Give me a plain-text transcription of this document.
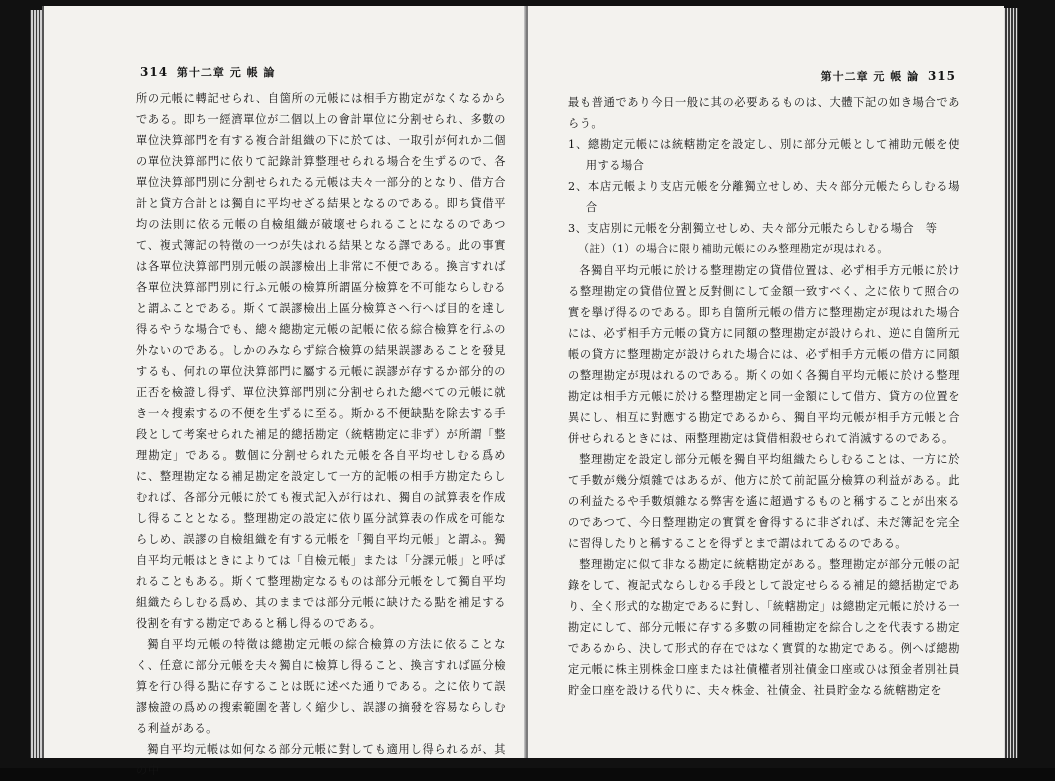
314 第十二章 元 帳 論

所の元帳に轉記せられ、自箇所の元帳には相手方勘定がなくなるからである。即ち一經濟單位が二個以上の會計單位に分割せられ、多數の單位決算部門を有する複合計組織の下に於ては、一取引が何れか二個の單位決算部門に依りて記錄計算整理せられる場合を生ずるので、各單位決算部門別に分割せられたる元帳は夫々一部分的となり、借方合計と貸方合計とは獨自に平均せざる結果となるのである。即ち貸借平均の法則に依る元帳の自檢組織が破壞せられることになるのであつて、複式簿記の特徵の一つが失はれる結果となる譯である。此の事實は各單位決算部門別元帳の誤謬檢出上非常に不便である。換言すれば各單位決算部門別に行ふ元帳の檢算所謂區分檢算を不可能ならしむると謂ふことである。斯くて誤謬檢出上區分檢算さへ行へば目的を達し得るやうな場合でも、總々總勘定元帳の記帳に依る綜合檢算を行ふの外ないのである。しかのみならず綜合檢算の結果誤謬あることを發見するも、何れの單位決算部門に屬する元帳に誤謬が存するか部分的の正否を檢證し得ず、單位決算部門別に分割せられた總べての元帳に就き一々搜索するの不便を生ずるに至る。斯かる不便缺點を除去する手段として考案せられた補足的總括勘定（統轄勘定に非ず）が所謂「整理勘定」である。數個に分割せられた元帳を各自平均せしむる爲めに、整理勘定なる補足勘定を設定して一方的記帳の相手方勘定たらしむれば、各部分元帳に於ても複式記入が行はれ、獨自の試算表を作成し得ることとなる。整理勘定の設定に依り區分試算表の作成を可能ならしめ、誤謬の自檢組織を有する元帳を「獨自平均元帳」と謂ふ。獨自平均元帳はときによりては「自檢元帳」または「分課元帳」と呼ばれることもある。斯くて整理勘定なるものは部分元帳をして獨自平均組織たらしむる爲め、其のままでは部分元帳に缺けたる點を補足する役割を有する勘定であると稱し得るのである。

獨自平均元帳の特徵は總勘定元帳の綜合檢算の方法に依ることなく、任意に部分元帳を夫々獨自に檢算し得ること、換言すれば區分檢算を行ひ得る點に存することは既に述べた通りである。之に依りて誤謬檢證の爲めの搜索範圍を著しく縮少し、誤謬の摘發を容易ならしむる利益がある。

獨自平均元帳は如何なる部分元帳に對しても適用し得られるが、其の中

第十二章 元 帳 論 315

最も普通であり今日一般に其の必要あるものは、大體下記の如き場合であらう。

1、總勘定元帳には統轄勘定を設定し、別に部分元帳として補助元帳を使用する場合

2、本店元帳より支店元帳を分離獨立せしめ、夫々部分元帳たらしむる場合

3、支店別に元帳を分割獨立せしめ、夫々部分元帳たらしむる場合　等

（註）（1）の場合に限り補助元帳にのみ整理勘定が現はれる。

各獨自平均元帳に於ける整理勘定の貸借位置は、必ず相手方元帳に於ける整理勘定の貸借位置と反對側にして金額一致すべく、之に依りて照合の實を擧げ得るのである。即ち自箇所元帳の借方に整理勘定が現はれた場合には、必ず相手方元帳の貸方に同額の整理勘定が設けられ、逆に自箇所元帳の貸方に整理勘定が設けられた場合には、必ず相手方元帳の借方に同額の整理勘定が現はれるのである。斯くの如く各獨自平均元帳に於ける整理勘定は相手方元帳に於ける整理勘定と同一金額にして借方、貸方の位置を異にし、相互に對應する勘定であるから、獨自平均元帳が相手方元帳と合併せられるときには、兩整理勘定は貸借相殺せられて消滅するのである。

整理勘定を設定し部分元帳を獨自平均組織たらしむることは、一方に於て手數が幾分煩雜ではあるが、他方に於て前記區分檢算の利益がある。此の利益たるや手數煩雜なる弊害を遙に超過するものと稱することが出來るのであつて、今日整理勘定の實質を會得するに非ざれば、未だ簿記を完全に習得したりと稱することを得ずとまで謂はれてゐるのである。

整理勘定に似て非なる勘定に統轄勘定がある。整理勘定が部分元帳の記錄をして、複記式ならしむる手段として設定せらるる補足的總括勘定であり、全く形式的な勘定であるに對し、「統轄勘定」は總勘定元帳に於ける一勘定にして、部分元帳に存する多數の同種勘定を綜合し之を代表する勘定であるから、決して形式的存在ではなく實質的な勘定である。例へば總勘定元帳に株主別株金口座または社債權者別社債金口座或ひは預金者別社員貯金口座を設ける代りに、夫々株金、社債金、社員貯金なる統轄勘定を
